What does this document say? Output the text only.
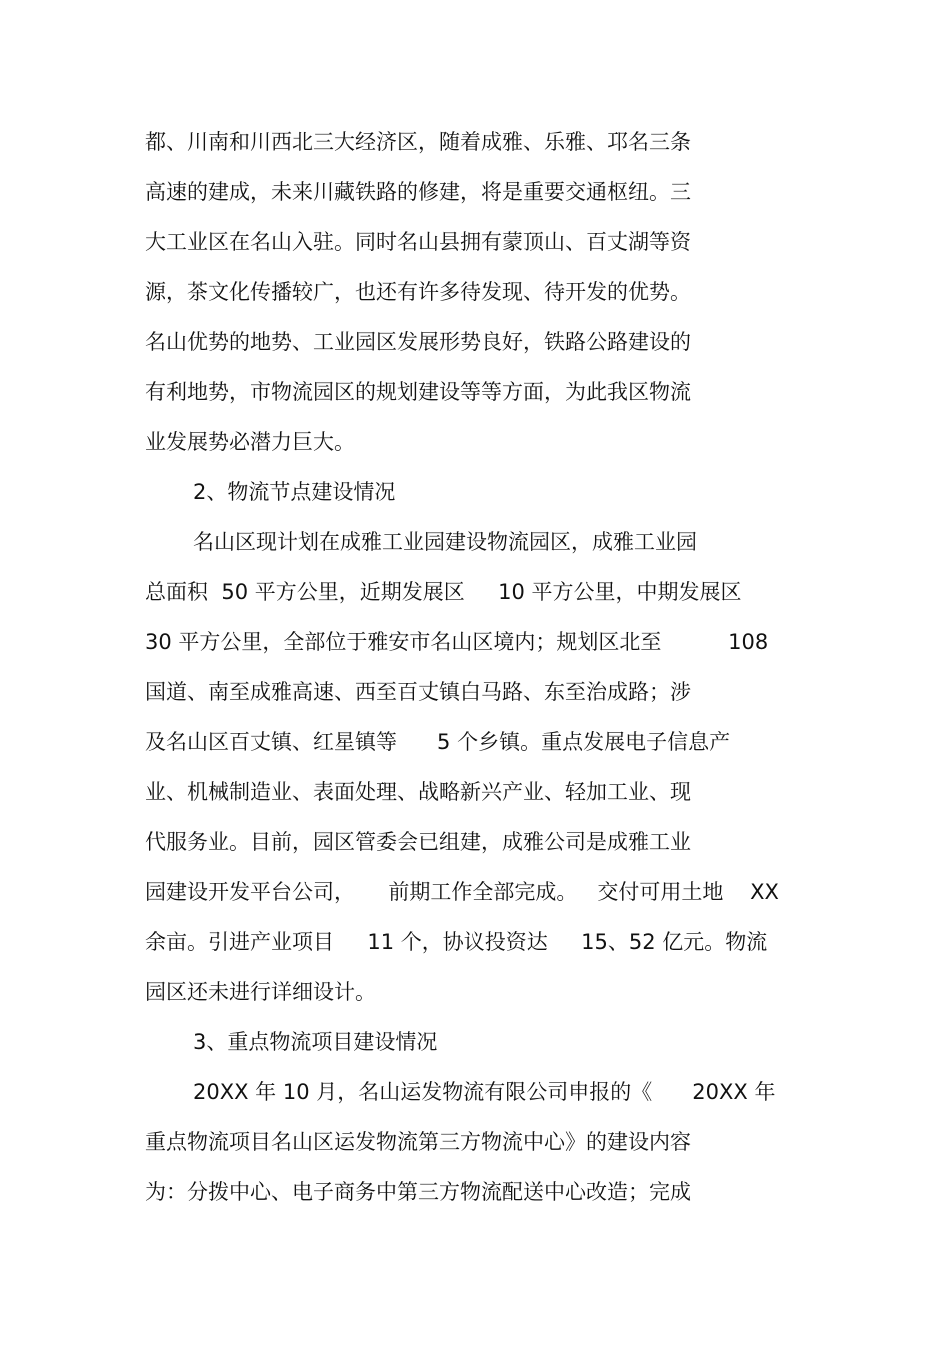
都、川南和川西北三大经济区，随着成雅、乐雅、邛名三条
高速的建成，未来川藏铁路的修建，将是重要交通枢纽。三
大工业区在名山入驻。同时名山县拥有蒙顶山、百丈湖等资
源，茶文化传播较广，也还有许多待发现、待开发的优势。
名山优势的地势、工业园区发展形势良好，铁路公路建设的
有利地势，市物流园区的规划建设等等方面，为此我区物流
业发展势必潜力巨大。
2、物流节点建设情况
名山区现计划在成雅工业园建设物流园区，成雅工业园
总面积  50 平方公里，近期发展区     10 平方公里，中期发展区
30 平方公里，全部位于雅安市名山区境内；规划区北至          108
国道、南至成雅高速、西至百丈镇白马路、东至治成路；涉
及名山区百丈镇、红星镇等      5 个乡镇。重点发展电子信息产
业、机械制造业、表面处理、战略新兴产业、轻加工业、现
代服务业。目前，园区管委会已组建，成雅公司是成雅工业
园建设开发平台公司，     前期工作全部完成。   交付可用土地    XX
余亩。引进产业项目     11 个，协议投资达     15、52 亿元。物流
园区还未进行详细设计。
3、重点物流项目建设情况
20XX 年 10 月，名山运发物流有限公司申报的《      20XX 年
重点物流项目名山区运发物流第三方物流中心》的建设内容
为：分拨中心、电子商务中第三方物流配送中心改造；完成
